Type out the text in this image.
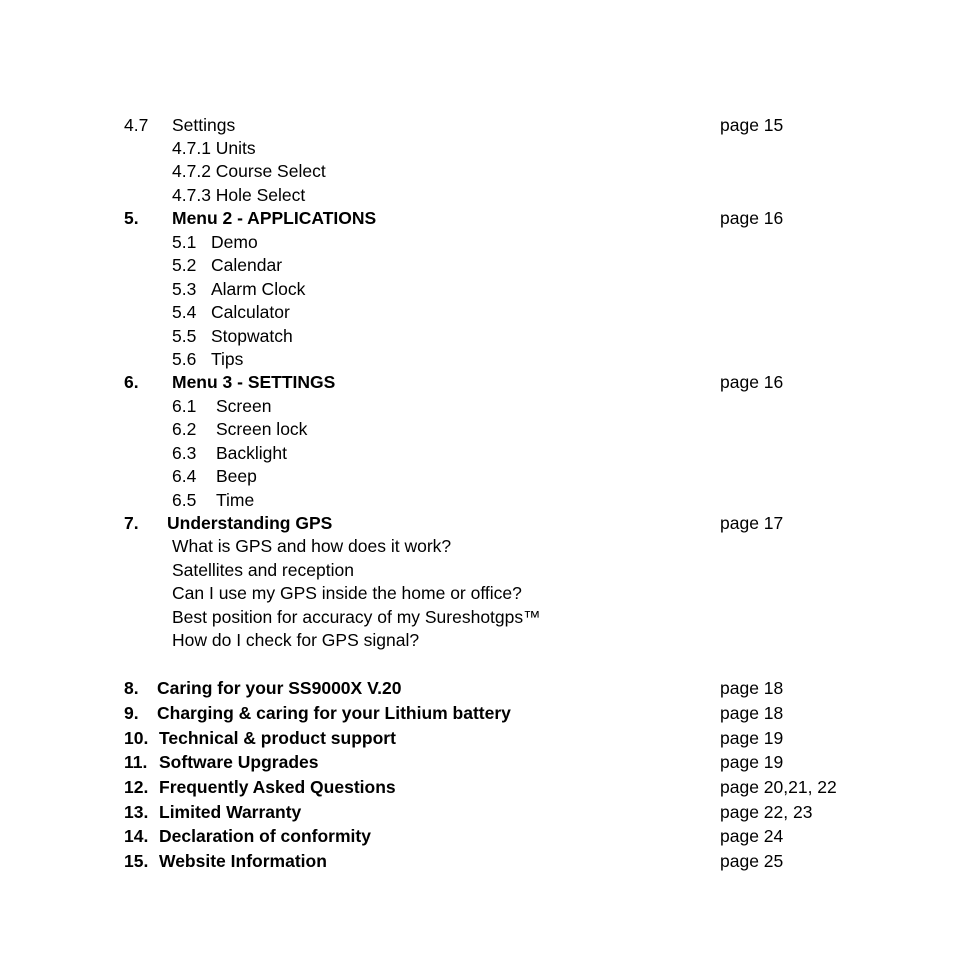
4.7 Settings	page 15
4.7.1 Units
4.7.2 Course Select
4.7.3 Hole Select
5. Menu 2 - APPLICATIONS	page 16
5.1 Demo
5.2 Calendar
5.3 Alarm Clock
5.4 Calculator
5.5 Stopwatch
5.6 Tips
6. Menu 3 - SETTINGS	page 16
6.1 Screen
6.2 Screen lock
6.3 Backlight
6.4 Beep
6.5 Time
7. Understanding GPS	page 17
What is GPS and how does it work?
Satellites and reception
Can I use my GPS inside the home or office?
Best position for accuracy of my Sureshotgps™
How do I check for GPS signal?
8. Caring for your SS9000X V.20	page 18
9. Charging & caring for your Lithium battery	page 18
10. Technical & product support	page 19
11. Software Upgrades	page 19
12. Frequently Asked Questions	page 20,21, 22
13. Limited Warranty	page 22, 23
14. Declaration of conformity	page 24
15. Website Information	page 25
